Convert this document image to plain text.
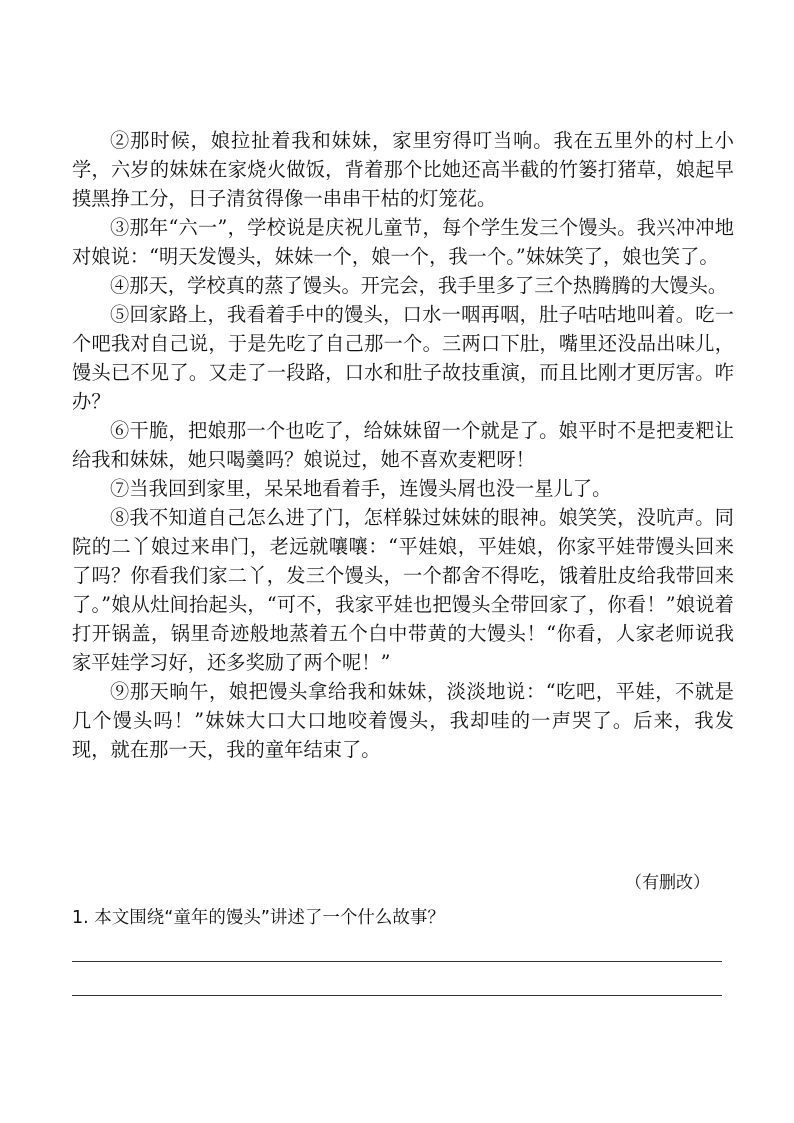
②那时候，娘拉扯着我和妹妹，家里穷得叮当响。我在五里外的村上小学，六岁的妹妹在家烧火做饭，背着那个比她还高半截的竹篓打猪草，娘起早摸黑挣工分，日子清贫得像一串串干枯的灯笼花。

③那年“六一”，学校说是庆祝儿童节，每个学生发三个馒头。我兴冲冲地对娘说：“明天发馒头，妹妹一个，娘一个，我一个。”妹妹笑了，娘也笑了。

④那天，学校真的蒸了馒头。开完会，我手里多了三个热腾腾的大馒头。

⑤回家路上，我看着手中的馒头，口水一咽再咽，肚子咕咕地叫着。吃一个吧我对自己说，于是先吃了自己那一个。三两口下肚，嘴里还没品出味儿，馒头已不见了。又走了一段路，口水和肚子故技重演，而且比刚才更厉害。咋办？

⑥干脆，把娘那一个也吃了，给妹妹留一个就是了。娘平时不是把麦粑让给我和妹妹，她只喝羹吗？娘说过，她不喜欢麦粑呀！

⑦当我回到家里，呆呆地看着手，连馒头屑也没一星儿了。

⑧我不知道自己怎么进了门，怎样躲过妹妹的眼神。娘笑笑，没吭声。同院的二丫娘过来串门，老远就嚷嚷：“平娃娘，平娃娘，你家平娃带馒头回来了吗？你看我们家二丫，发三个馒头，一个都舍不得吃，饿着肚皮给我带回来了。”娘从灶间抬起头，“可不，我家平娃也把馒头全带回家了，你看！”娘说着打开锅盖，锅里奇迹般地蒸着五个白中带黄的大馒头！“你看，人家老师说我家平娃学习好，还多奖励了两个呢！”

⑨那天晌午，娘把馒头拿给我和妹妹，淡淡地说：“吃吧，平娃，不就是几个馒头吗！”妹妹大口大口地咬着馒头，我却哇的一声哭了。后来，我发现，就在那一天，我的童年结束了。

（有删改）
1. 本文围绕“童年的馒头”讲述了一个什么故事？
